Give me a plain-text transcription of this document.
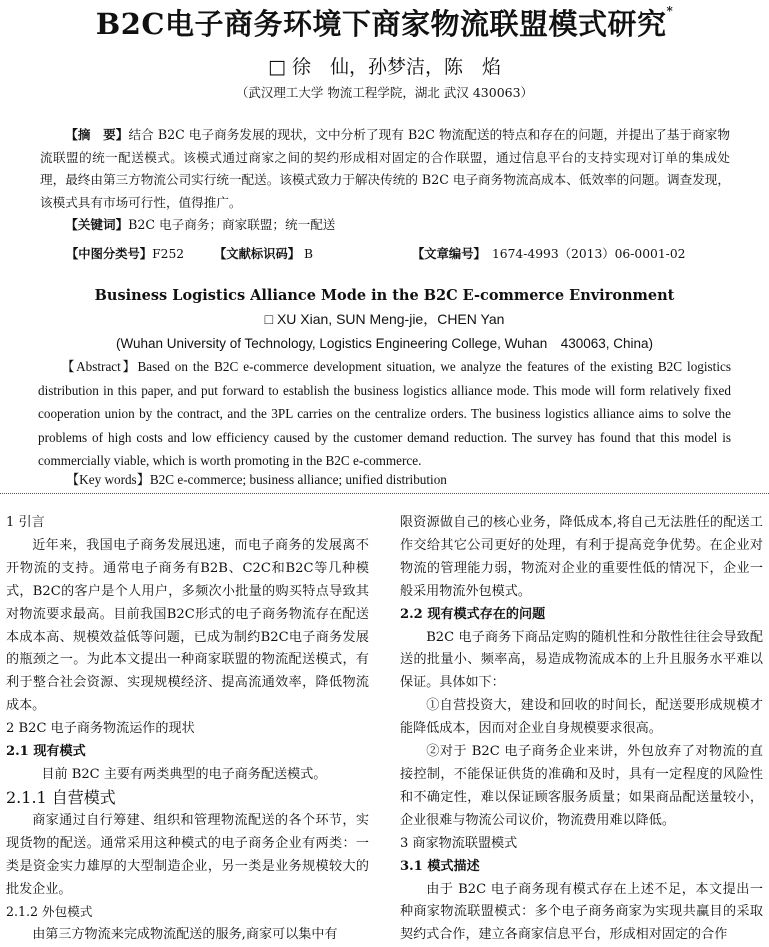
B2C电子商务环境下商家物流联盟模式研究*
□ 徐　仙，孙梦洁，陈　焰
（武汉理工大学 物流工程学院，湖北 武汉 430063）

【摘　要】结合 B2C 电子商务发展的现状，文中分析了现有 B2C 物流配送的特点和存在的问题，并提出了基于商家物流联盟的统一配送模式。该模式通过商家之间的契约形成相对固定的合作联盟，通过信息平台的支持实现对订单的集成处理，最终由第三方物流公司实行统一配送。该模式致力于解决传统的 B2C 电子商务物流高成本、低效率的问题。调查发现，该模式具有市场可行性，值得推广。

【关键词】B2C 电子商务；商家联盟；统一配送

【中图分类号】F252 【文献标识码】 B	【文章编号】　 1674-4993（2013）06-0001-02
Business Logistics Alliance Mode in the B2C E-commerce Environment
□ XU Xian, SUN Meng-jie，CHEN Yan
(Wuhan University of Technology, Logistics Engineering College, Wuhan　430063, China)

　　【Abstract】Based on the B2C e-commerce development situation, we analyze the features of the existing B2C logistics distribution in this paper, and put forward to establish the business logistics alliance mode. This mode will form relatively fixed cooperation union by the contract, and the 3PL carries on the centralize orders. The business logistics alliance aims to solve the problems of high costs and low efficiency caused by the customer demand reduction. The survey has found that this model is commercially viable, which is worth promoting in the B2C e-commerce.

【Key words】B2C e-commerce; business alliance; unified distribution
1 引言

近年来，我国电子商务发展迅速，而电子商务的发展离不开物流的支持。通常电子商务有B2B、C2C和B2C等几种模式，B2C的客户是个人用户，多频次小批量的购买特点导致其对物流要求最高。目前我国B2C形式的电子商务物流存在配送本成本高、规模效益低等问题，已成为制约B2C电子商务发展的瓶颈之一。为此本文提出一种商家联盟的物流配送模式，有利于整合社会资源、实现规模经济、提高流通效率，降低物流成本。

2 B2C 电子商务物流运作的现状
2.1 现有模式

目前 B2C 主要有两类典型的电子商务配送模式。

2.1.1 自营模式

商家通过自行筹建、组织和管理物流配送的各个环节，实现货物的配送。通常采用这种模式的电子商务企业有两类：一类是资金实力雄厚的大型制造企业，另一类是业务规模较大的批发企业。

2.1.2 外包模式

由第三方物流来完成物流配送的服务,商家可以集中有

限资源做自己的核心业务，降低成本,将自己无法胜任的配送工作交给其它公司更好的处理，有利于提高竞争优势。在企业对物流的管理能力弱，物流对企业的重要性低的情况下，企业一般采用物流外包模式。

2.2 现有模式存在的问题

B2C 电子商务下商品定购的随机性和分散性往往会导致配送的批量小、频率高，易造成物流成本的上升且服务水平难以保证。具体如下：

①自营投资大，建设和回收的时间长，配送要形成规模才能降低成本，因而对企业自身规模要求很高。

②对于 B2C 电子商务企业来讲，外包放弃了对物流的直接控制，不能保证供货的准确和及时，具有一定程度的风险性和不确定性，难以保证顾客服务质量；如果商品配送量较小，企业很难与物流公司议价，物流费用难以降低。

3 商家物流联盟模式
3.1 模式描述

由于 B2C 电子商务现有模式存在上述不足，本文提出一种商家物流联盟模式：多个电子商务商家为实现共赢目的采取契约式合作，建立各商家信息平台，形成相对固定的合作
